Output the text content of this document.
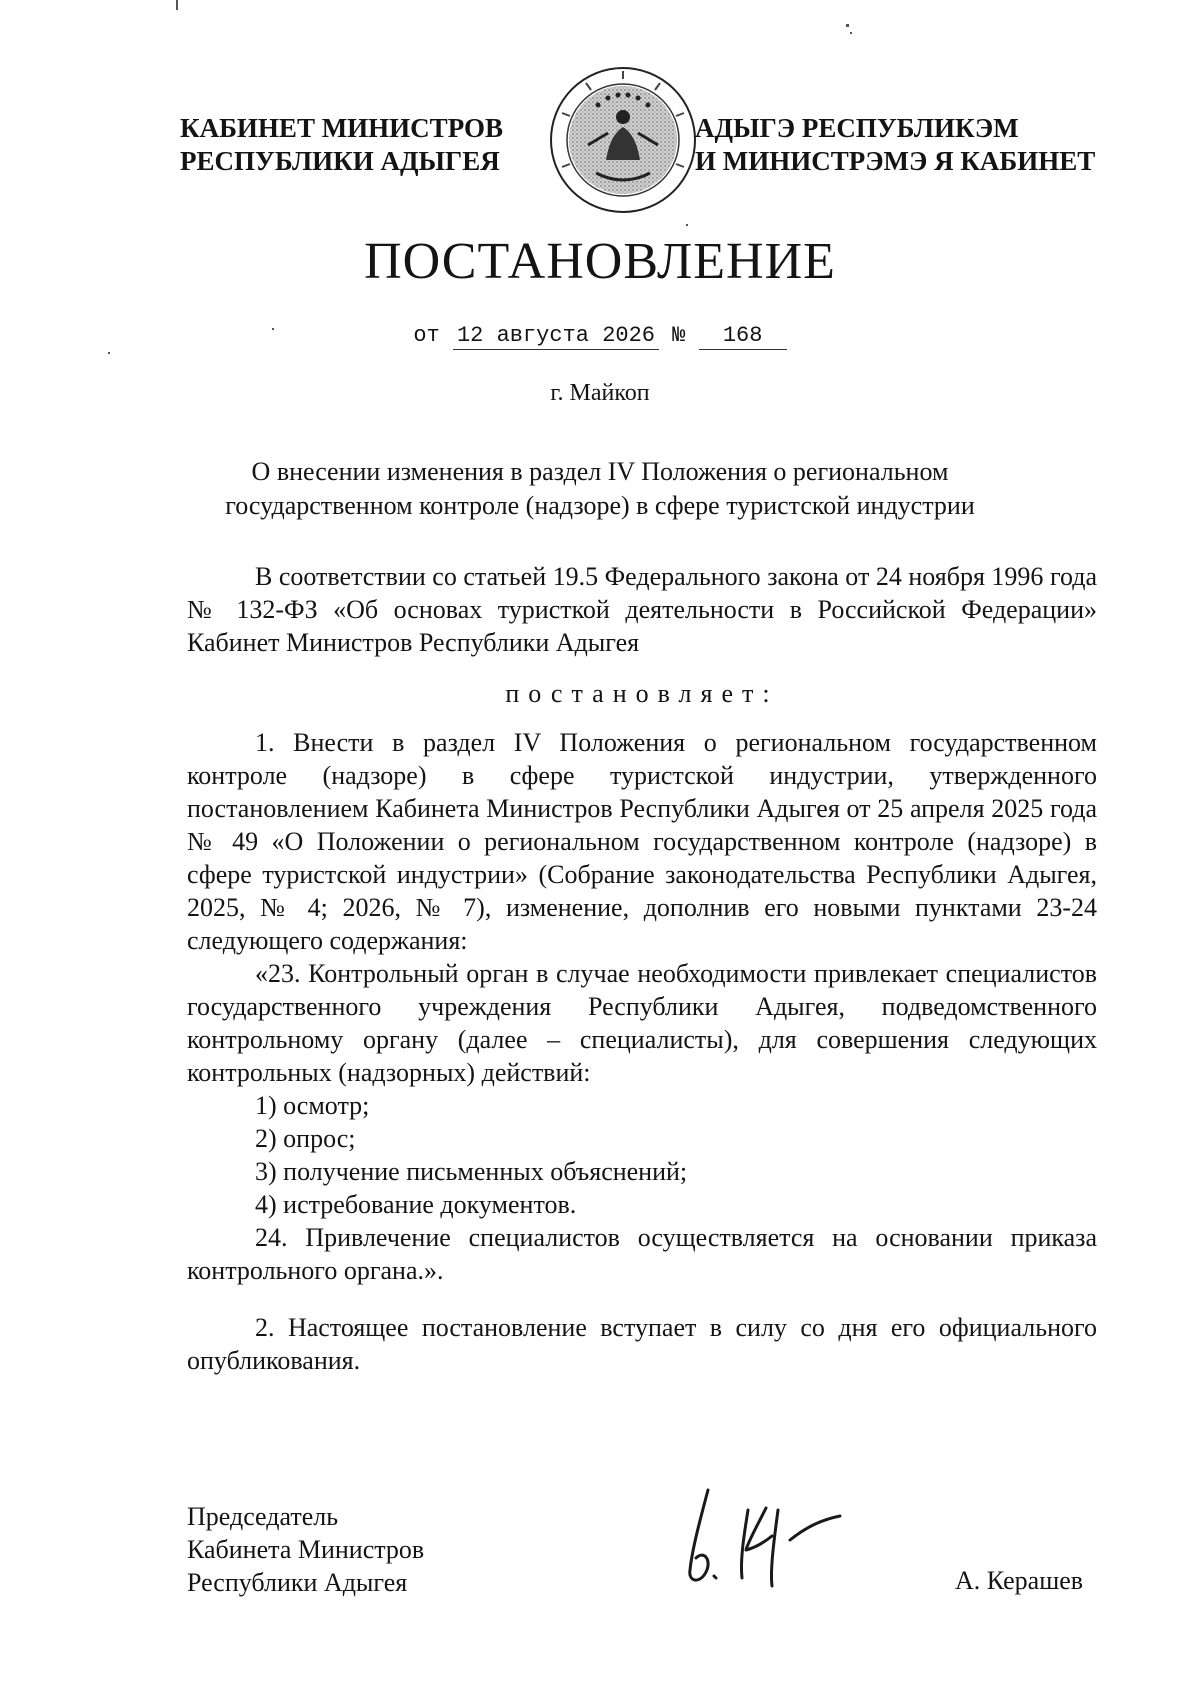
КАБИНЕТ МИНИСТРОВ
РЕСПУБЛИКИ АДЫГЕЯ
АДЫГЭ РЕСПУБЛИКЭМ
И МИНИСТРЭМЭ Я КАБИНЕТ
ПОСТАНОВЛЕНИЕ
от 12 августа 2026 № 168
г. Майкоп
О внесении изменения в раздел IV Положения о региональном
государственном контроле (надзоре) в сфере туристской индустрии

В соответствии со статьей 19.5 Федерального закона от 24 ноября 1996 года № 132-ФЗ «Об основах туристкой деятельности в Российской Федерации» Кабинет Министров Республики Адыгея

постановляет:

1. Внести в раздел IV Положения о региональном государственном контроле (надзоре) в сфере туристской индустрии, утвержденного постановлением Кабинета Министров Республики Адыгея от 25 апреля 2025 года № 49 «О Положении о региональном государственном контроле (надзоре) в сфере туристской индустрии» (Собрание законодательства Республики Адыгея, 2025, № 4; 2026, № 7), изменение, дополнив его новыми пунктами 23-24 следующего содержания:

«23. Контрольный орган в случае необходимости привлекает специалистов государственного учреждения Республики Адыгея, подведомственного контрольному органу (далее – специалисты), для совершения следующих контрольных (надзорных) действий:

1) осмотр;

2) опрос;

3) получение письменных объяснений;

4) истребование документов.

24. Привлечение специалистов осуществляется на основании приказа контрольного органа.».

2. Настоящее постановление вступает в силу со дня его официального опубликования.

Председатель
Кабинета Министров
Республики Адыгея	А. Керашев
